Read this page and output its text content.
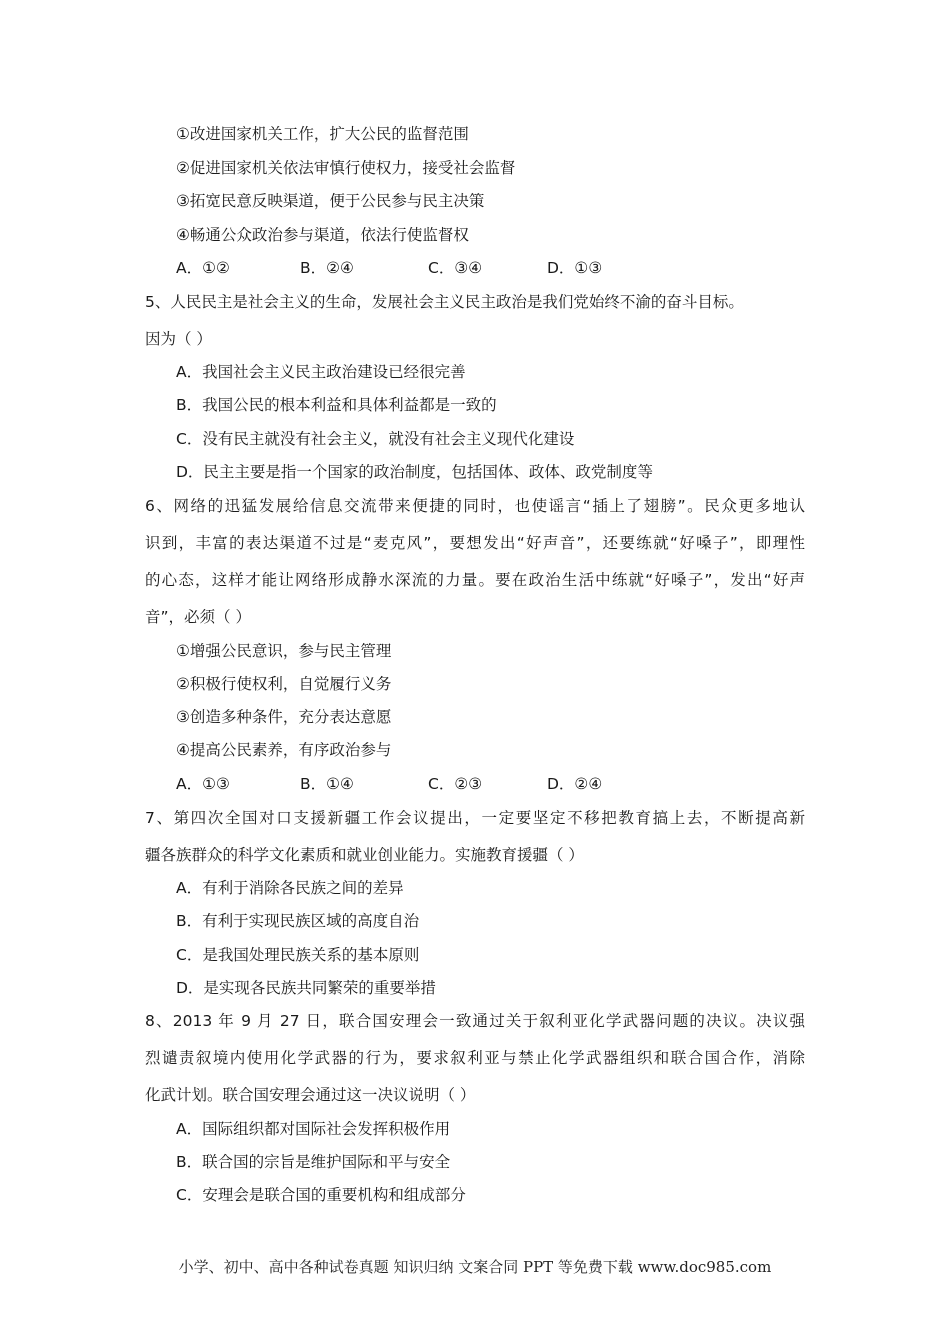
①改进国家机关工作，扩大公民的监督范围
②促进国家机关依法审慎行使权力，接受社会监督
③拓宽民意反映渠道，便于公民参与民主决策
④畅通公众政治参与渠道，依法行使监督权
A．①②	B．②④	C．③④	D．①③
5、人民民主是社会主义的生命，发展社会主义民主政治是我们党始终不渝的奋斗目标。
因为（ ）
A．我国社会主义民主政治建设已经很完善
B．我国公民的根本利益和具体利益都是一致的
C．没有民主就没有社会主义，就没有社会主义现代化建设
D．民主主要是指一个国家的政治制度，包括国体、政体、政党制度等
6、网络的迅猛发展给信息交流带来便捷的同时，也使谣言“插上了翅膀”。民众更多地认
识到，丰富的表达渠道不过是“麦克风”，要想发出“好声音”，还要练就“好嗓子”，即理性
的心态，这样才能让网络形成静水深流的力量。要在政治生活中练就“好嗓子”，发出“好声
音”，必须（ ）
①增强公民意识，参与民主管理
②积极行使权利，自觉履行义务
③创造多种条件，充分表达意愿
④提高公民素养，有序政治参与
A．①③	B．①④	C．②③	D．②④
7、第四次全国对口支援新疆工作会议提出，一定要坚定不移把教育搞上去，不断提高新
疆各族群众的科学文化素质和就业创业能力。实施教育援疆（ ）
A．有利于消除各民族之间的差异
B．有利于实现民族区域的高度自治
C．是我国处理民族关系的基本原则
D．是实现各民族共同繁荣的重要举措
8、2013 年 9 月 27 日，联合国安理会一致通过关于叙利亚化学武器问题的决议。决议强
烈谴责叙境内使用化学武器的行为，要求叙利亚与禁止化学武器组织和联合国合作，消除
化武计划。联合国安理会通过这一决议说明（ ）
A．国际组织都对国际社会发挥积极作用
B．联合国的宗旨是维护国际和平与安全
C．安理会是联合国的重要机构和组成部分
小学、初中、高中各种试卷真题 知识归纳 文案合同 PPT 等免费下载 www.doc985.com
